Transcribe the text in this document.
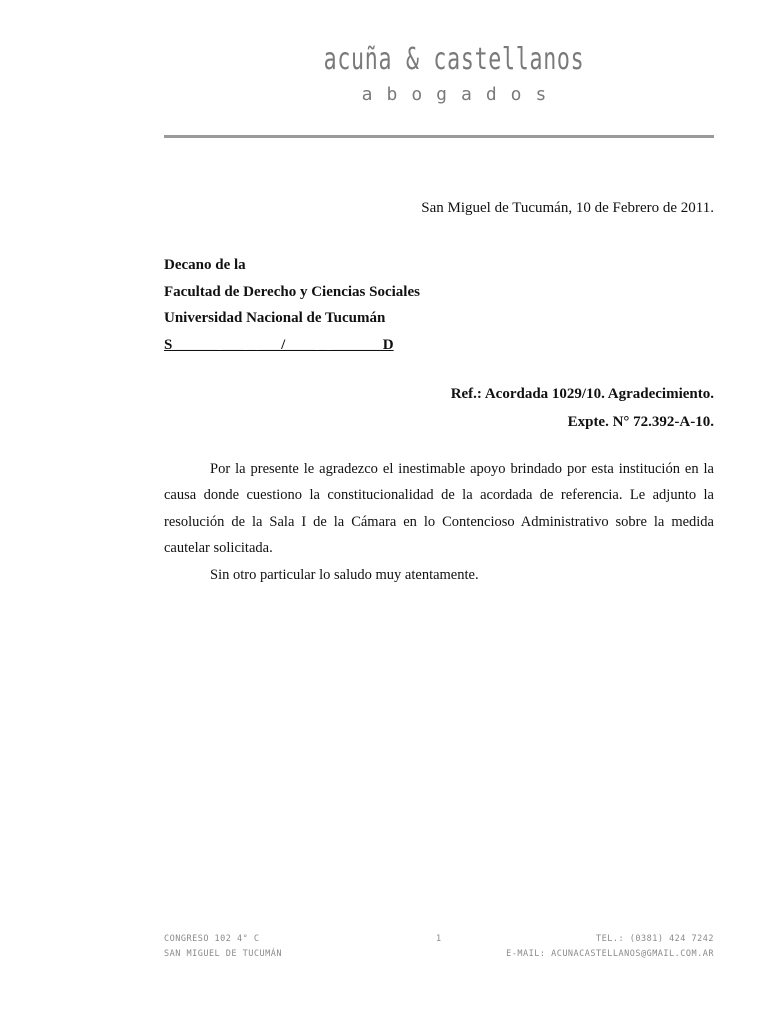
acuña & castellanos
abogados
San Miguel de Tucumán, 10 de Febrero de 2011.
Decano de la
Facultad de Derecho y Ciencias Sociales
Universidad Nacional de Tucumán
S______ ___ _ ___/____ _ _______D
Ref.: Acordada 1029/10. Agradecimiento.
Expte. N° 72.392-A-10.

Por la presente le agradezco el inestimable apoyo brindado por esta institución en la causa donde cuestiono la constitucionalidad de la acordada de referencia. Le adjunto la resolución de la Sala I de la Cámara en lo Contencioso Administrativo sobre la medida cautelar solicitada.

Sin otro particular lo saludo muy atentamente.

CONGRESO 102 4° C
SAN MIGUEL DE TUCUMÁN
1	TEL.: (0381) 424 7242
E-MAIL: ACUNACASTELLANOS@GMAIL.COM.AR
